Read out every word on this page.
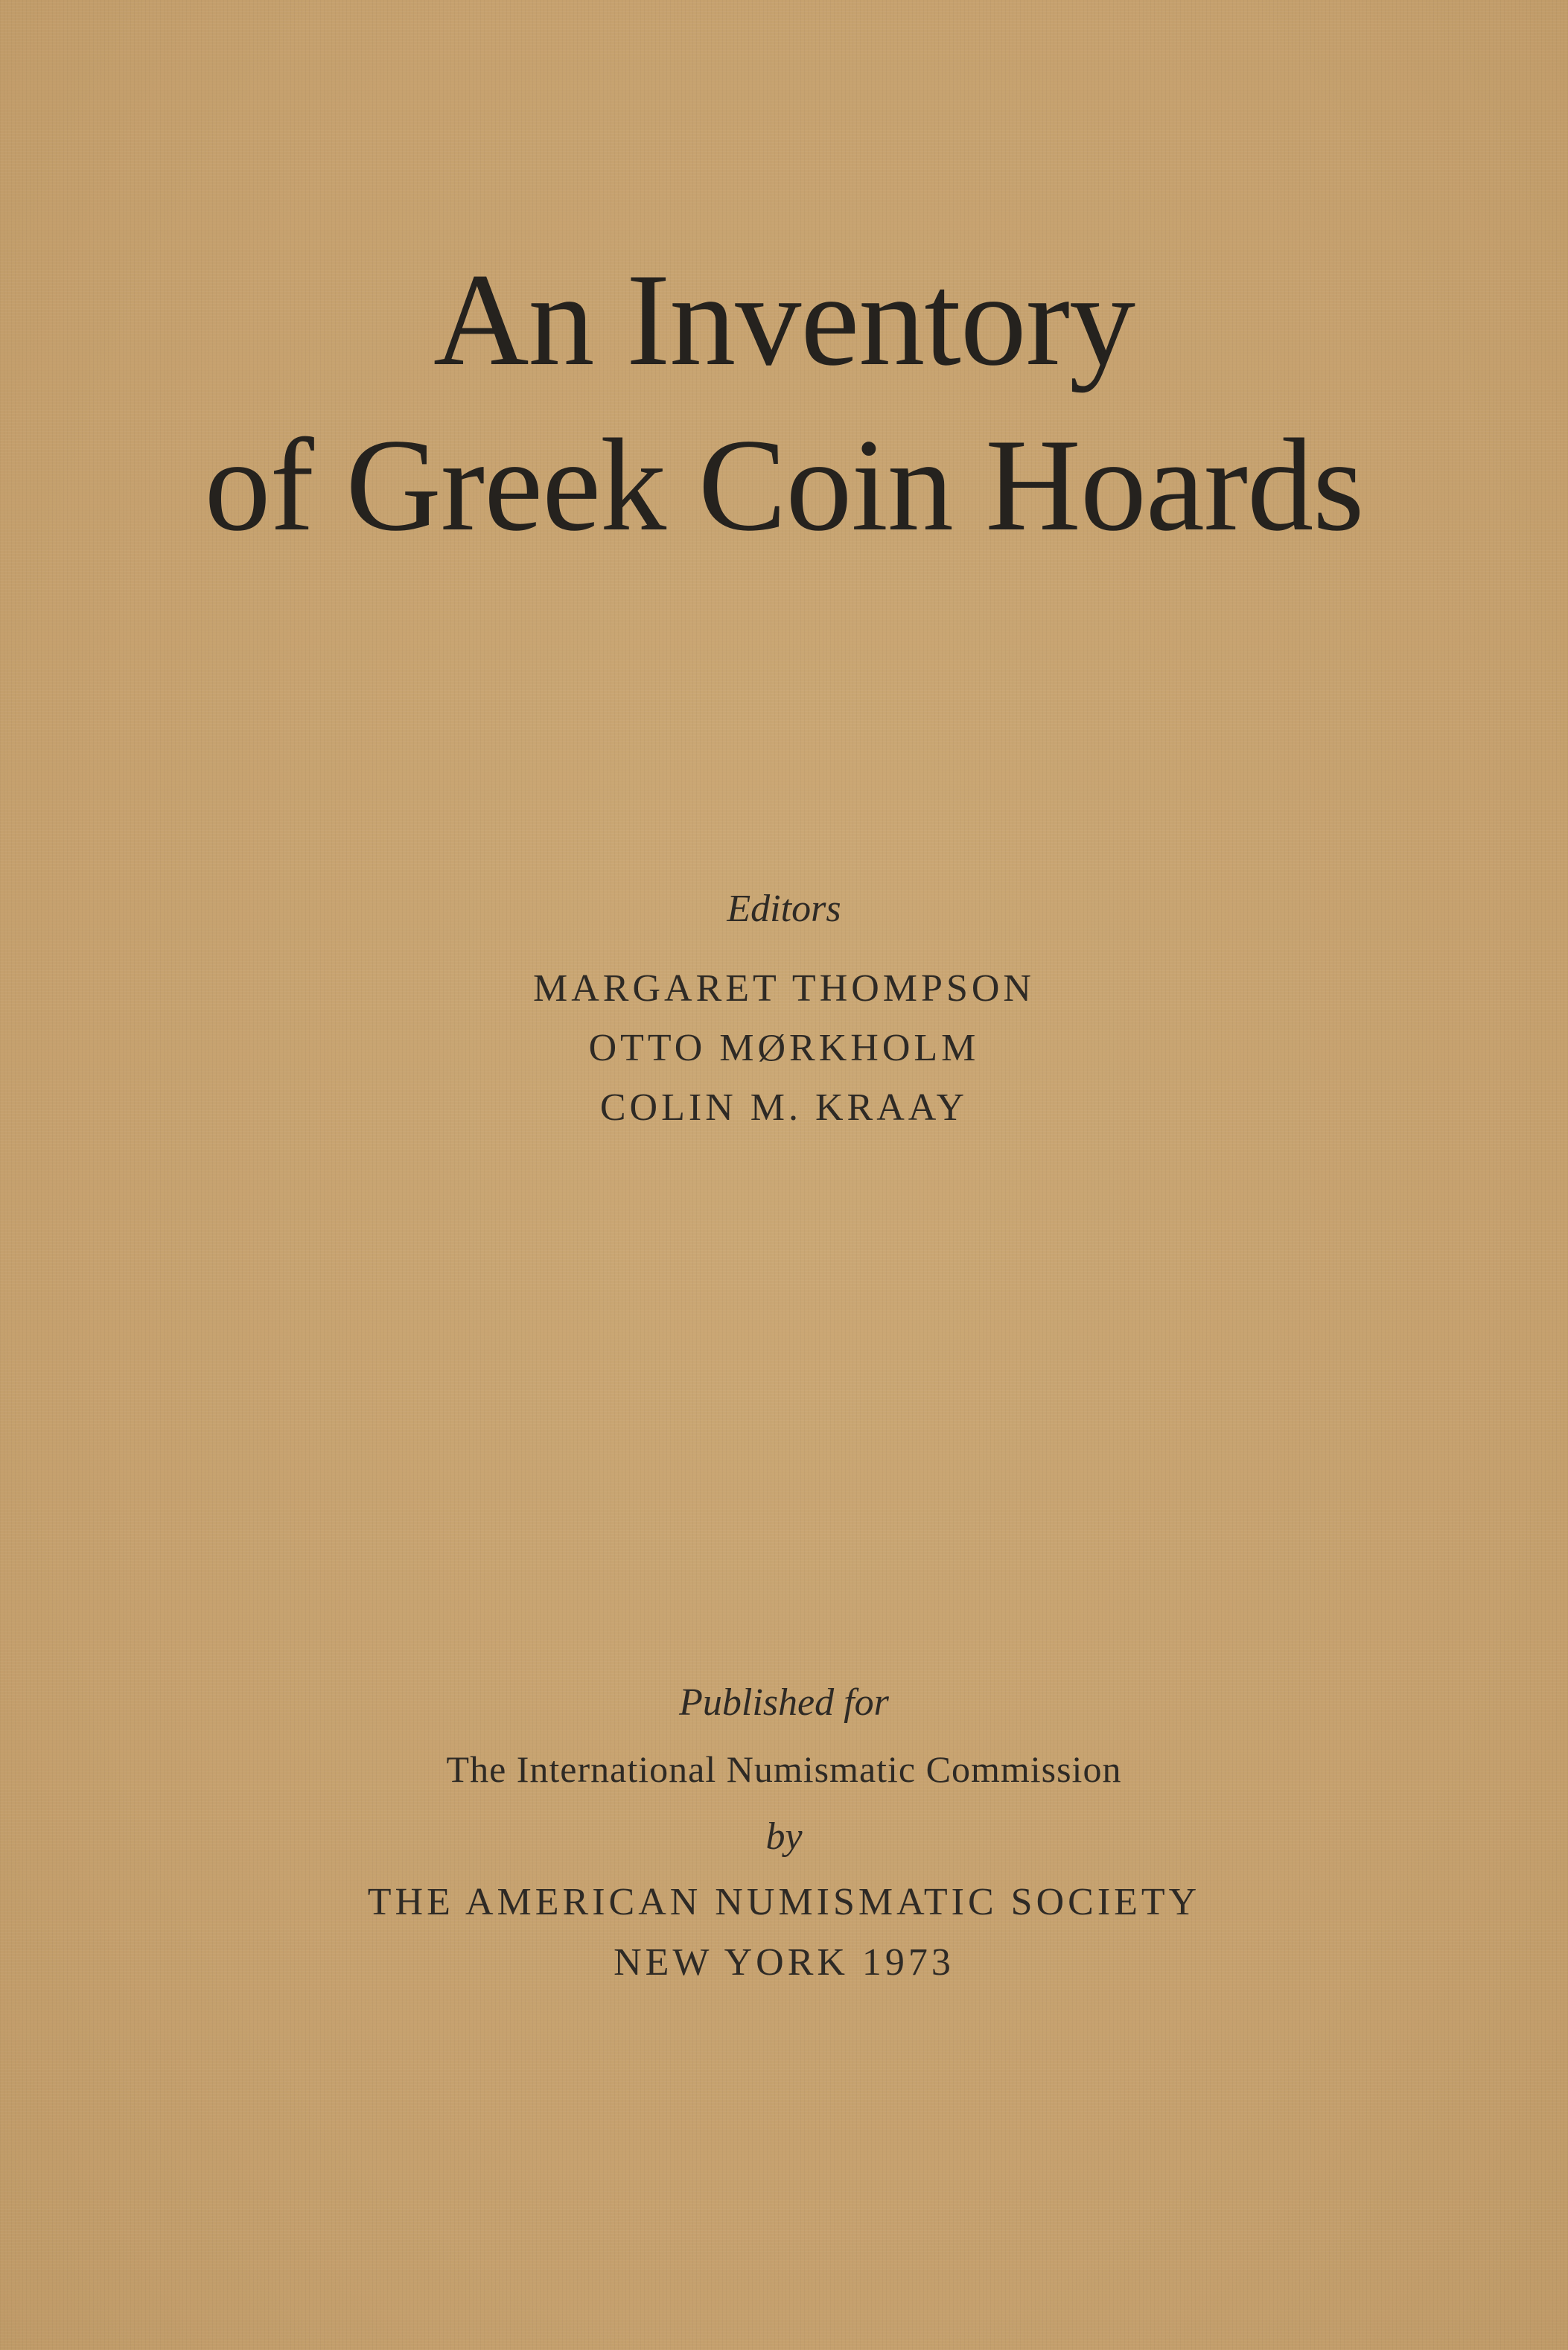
An Inventory
of Greek Coin Hoards
Editors
MARGARET THOMPSON
OTTO MØRKHOLM
COLIN M. KRAAY
Published for
The International Numismatic Commission
by
THE AMERICAN NUMISMATIC SOCIETY
NEW YORK 1973
